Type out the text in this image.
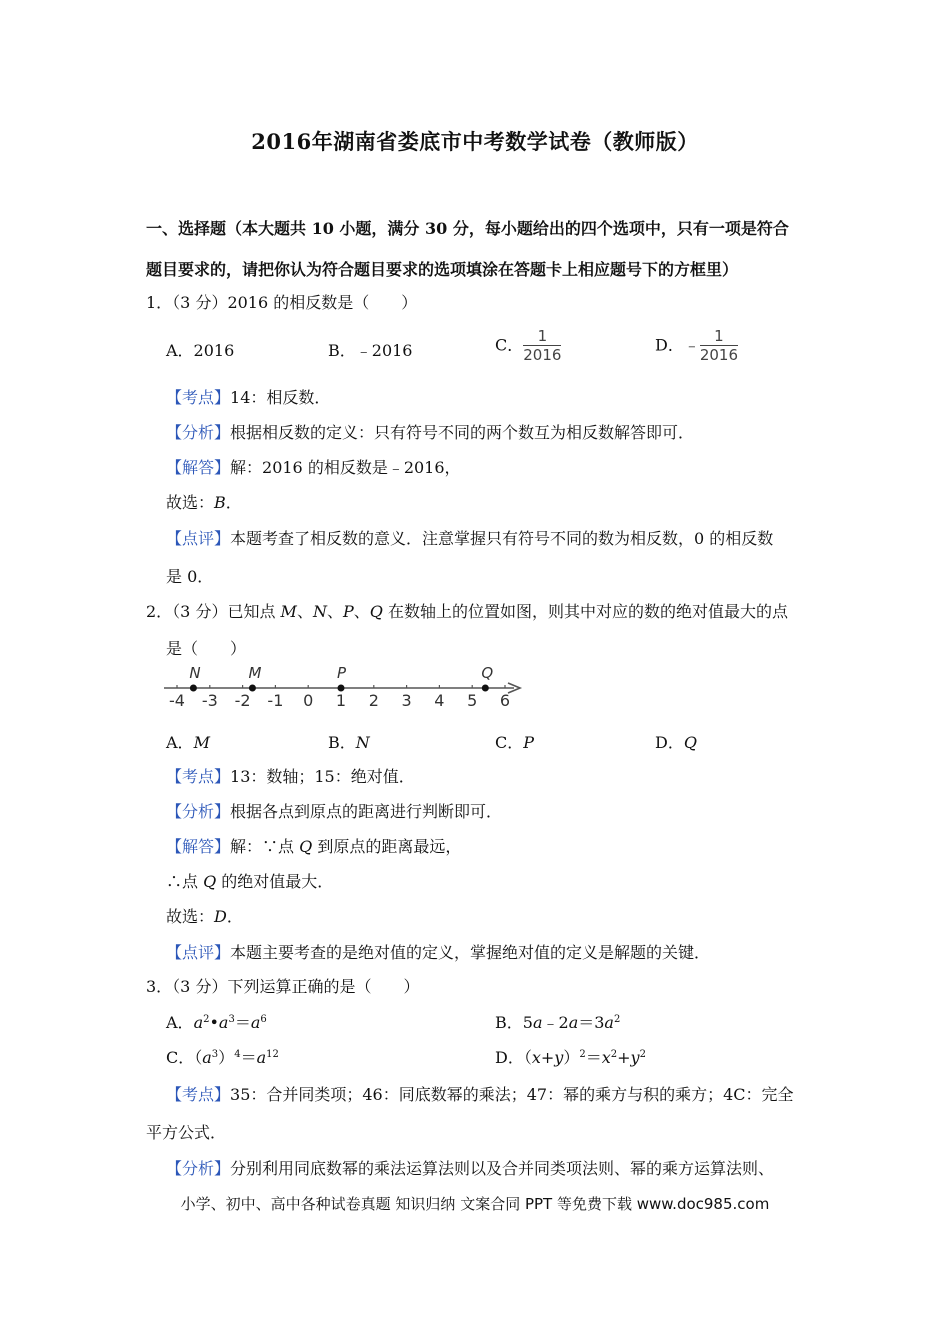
2016年湖南省娄底市中考数学试卷（教师版）
一、选择题（本大题共 10 小题，满分 30 分，每小题给出的四个选项中，只有一项是符合
题目要求的，请把你认为符合题目要求的选项填涂在答题卡上相应题号下的方框里）
1．（3 分）2016 的相反数是（　　）
A．2016	B．﹣2016	C． $\frac{1}{2016}$	D．﹣ $\frac{1}{2016}$
【考点】14：相反数．
【分析】根据相反数的定义：只有符号不同的两个数互为相反数解答即可．
【解答】解：2016 的相反数是﹣2016，
故选：B．
【点评】本题考查了相反数的意义．注意掌握只有符号不同的数为相反数，0 的相反数
是 0．
2．（3 分）已知点 M、N、P、Q 在数轴上的位置如图，则其中对应的数的绝对值最大的点
是（　　）
-4 -3 -2 -1 0 1 2 3 4 5 6
N	M	P	Q
A．M	B．N	C．P	D．Q
【考点】13：数轴；15：绝对值．
【分析】根据各点到原点的距离进行判断即可．
【解答】解：∵点 Q 到原点的距离最远，
∴点 Q 的绝对值最大．
故选：D．
【点评】本题主要考查的是绝对值的定义，掌握绝对值的定义是解题的关键．
3．（3 分）下列运算正确的是（　　）
A．$a^2•a^3=a^6$	B．$5a﹣2a=3a^2$
C．$(a^3)^4=a^{12}$	D．$(x+y)^2=x^2+y^2$
【考点】35：合并同类项；46：同底数幂的乘法；47：幂的乘方与积的乘方；4C：完全
平方公式．
【分析】分别利用同底数幂的乘法运算法则以及合并同类项法则、幂的乘方运算法则、
小学、初中、高中各种试卷真题 知识归纳 文案合同 PPT 等免费下载 www.doc985.com
